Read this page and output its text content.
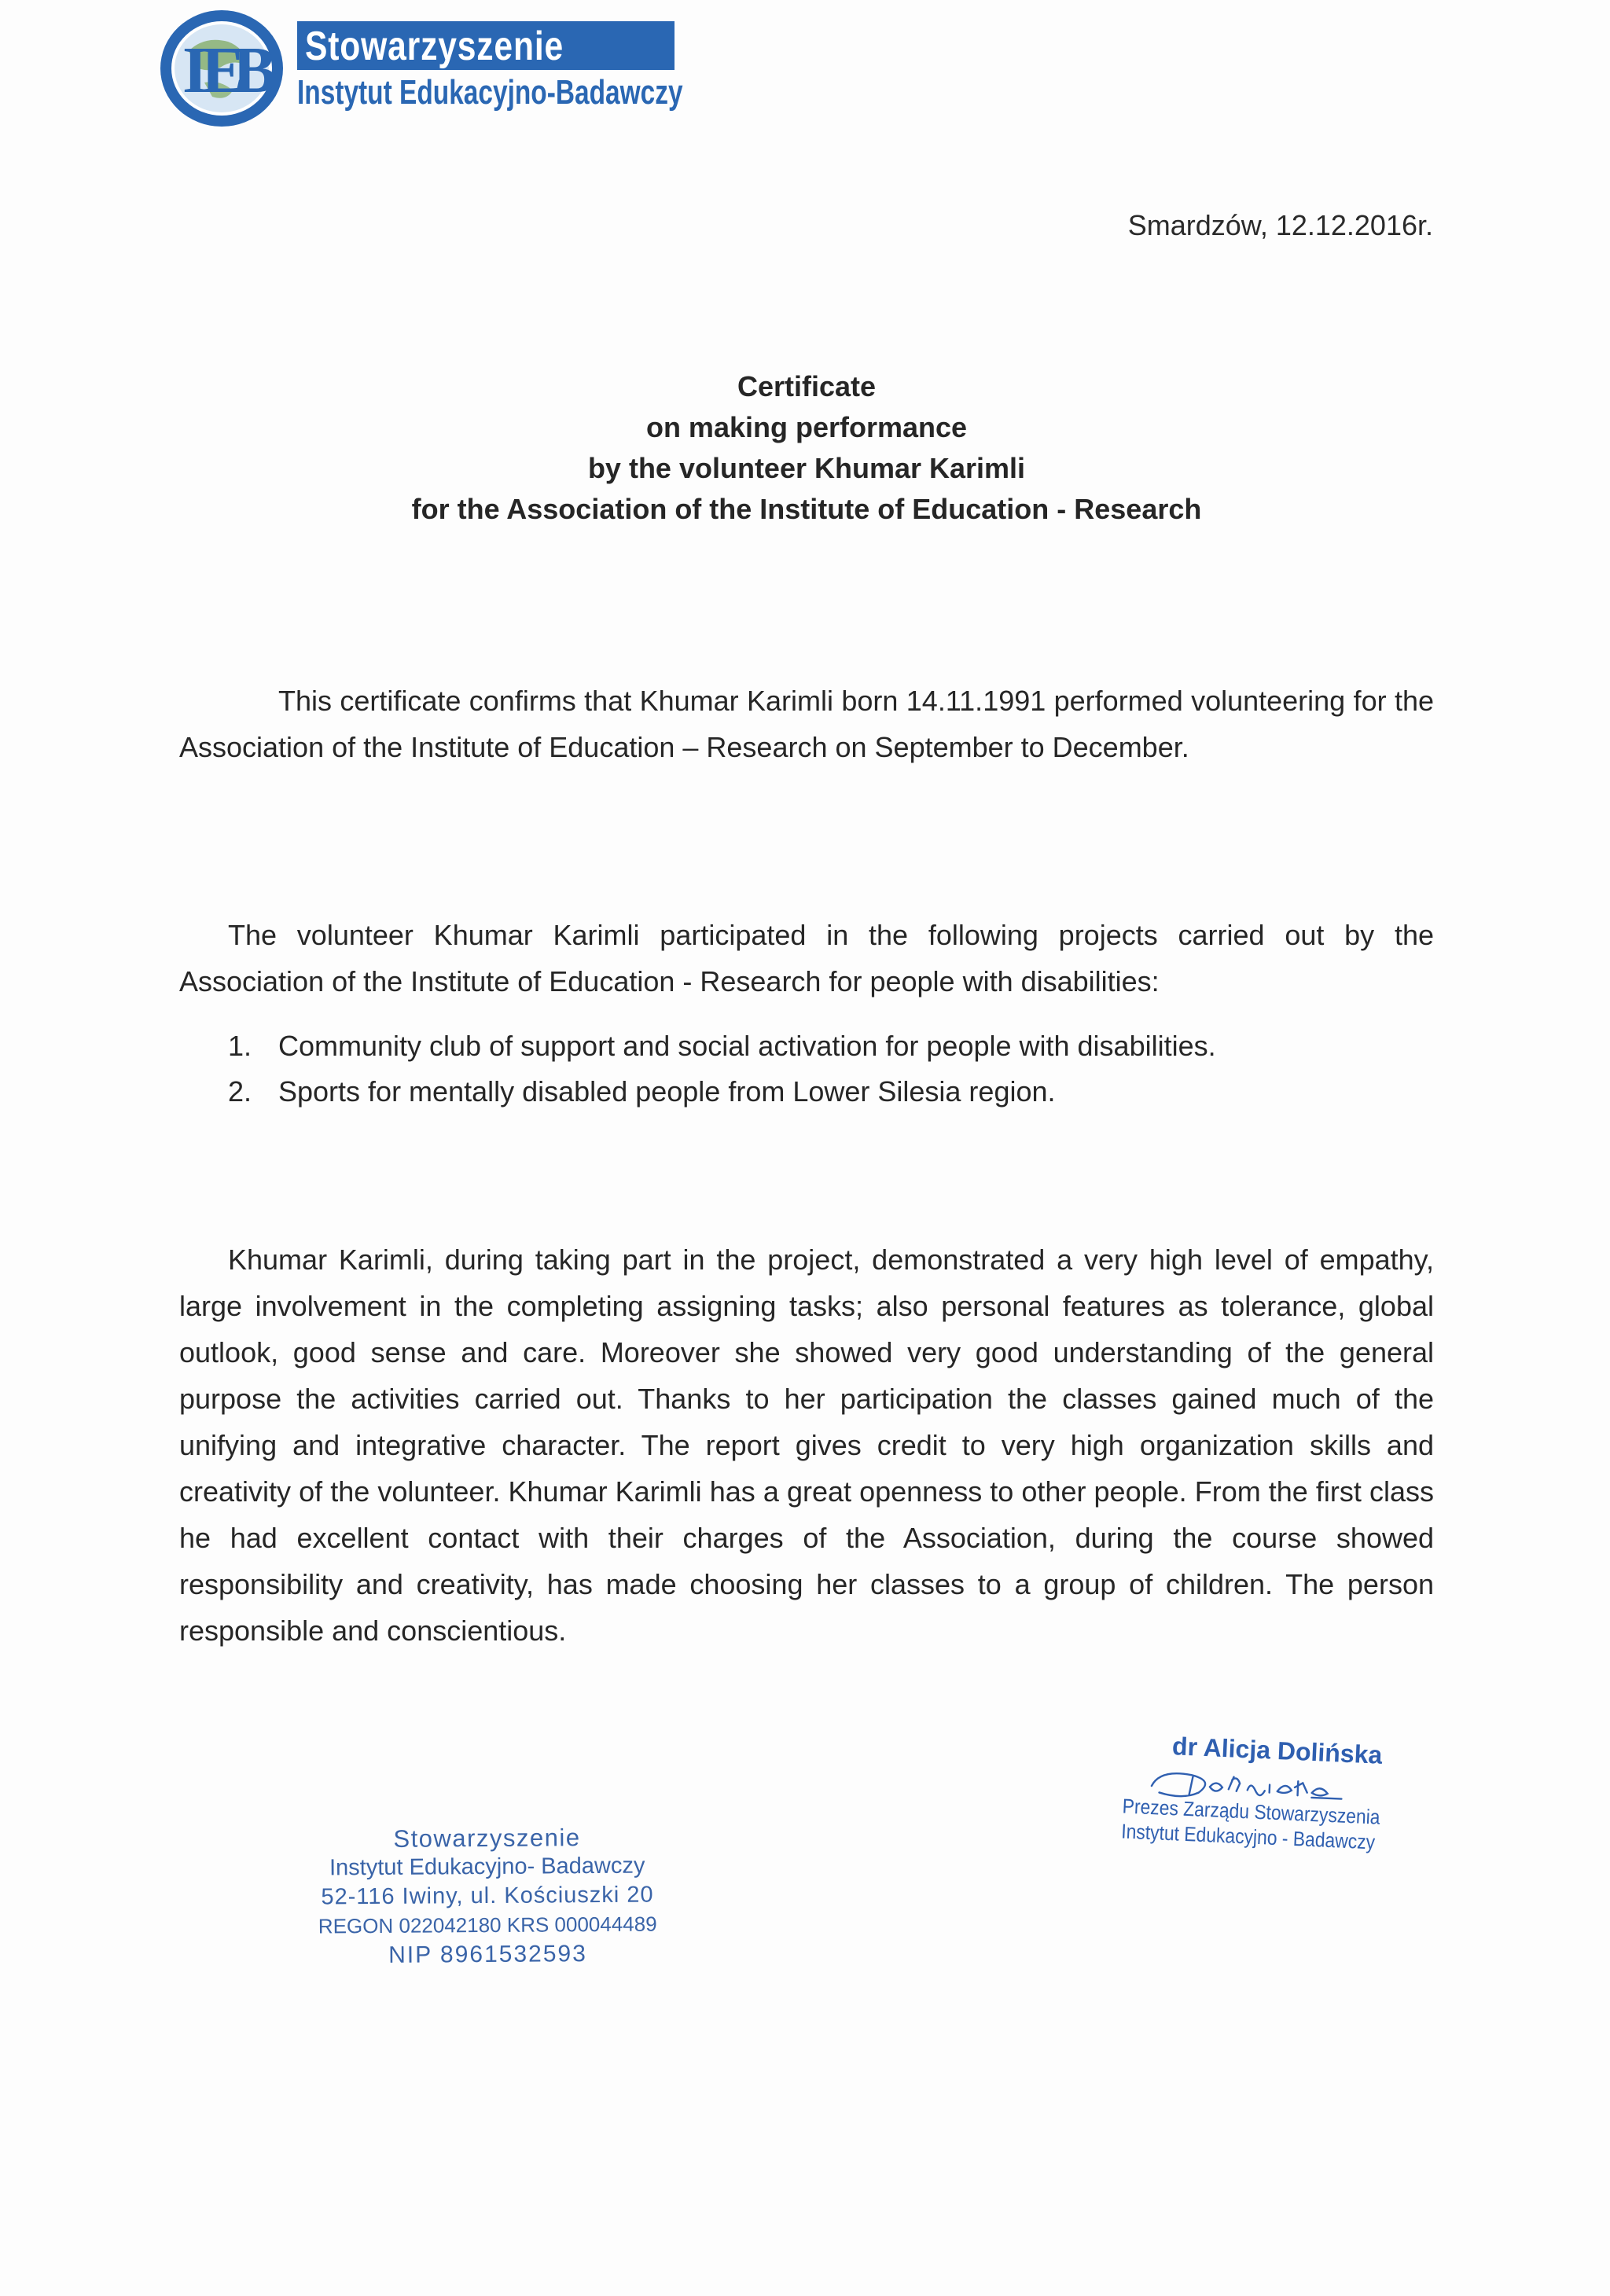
I
E
B Stowarzyszenie
Instytut Edukacyjno-Badawczy
Smardzów, 12.12.2016r.
Certificate
on making performance
by the volunteer Khumar Karimli
for the Association of the Institute of Education - Research

This certificate confirms that Khumar Karimli born 14.11.1991 performed volunteering for the Association of the Institute of Education – Research on September to December.

The volunteer Khumar Karimli participated in the following projects carried out by the Association of the Institute of Education - Research for people with disabilities:

1. Community club of support and social activation for people with disabilities.
2. Sports for mentally disabled people from Lower Silesia region.

Khumar Karimli, during taking part in the project, demonstrated a very high level of empathy, large involvement in the completing assigning tasks; also personal features as tolerance, global outlook, good sense and care. Moreover she showed very good understanding of the general purpose the activities carried out. Thanks to her participation the classes gained much of the unifying and integrative character. The report gives credit to very high organization skills and creativity of the volunteer. Khumar Karimli has a great openness to other people. From the first class he had excellent contact with their charges of the Association, during the course showed responsibility and creativity, has made choosing her classes to a group of children. The person responsible and conscientious.

Stowarzyszenie
Instytut Edukacyjno- Badawczy
52-116 Iwiny, ul. Kościuszki 20
REGON 022042180 KRS 000044489
NIP 8961532593
dr Alicja Dolińska
Prezes Zarządu Stowarzyszenia
Instytut Edukacyjno - Badawczy
